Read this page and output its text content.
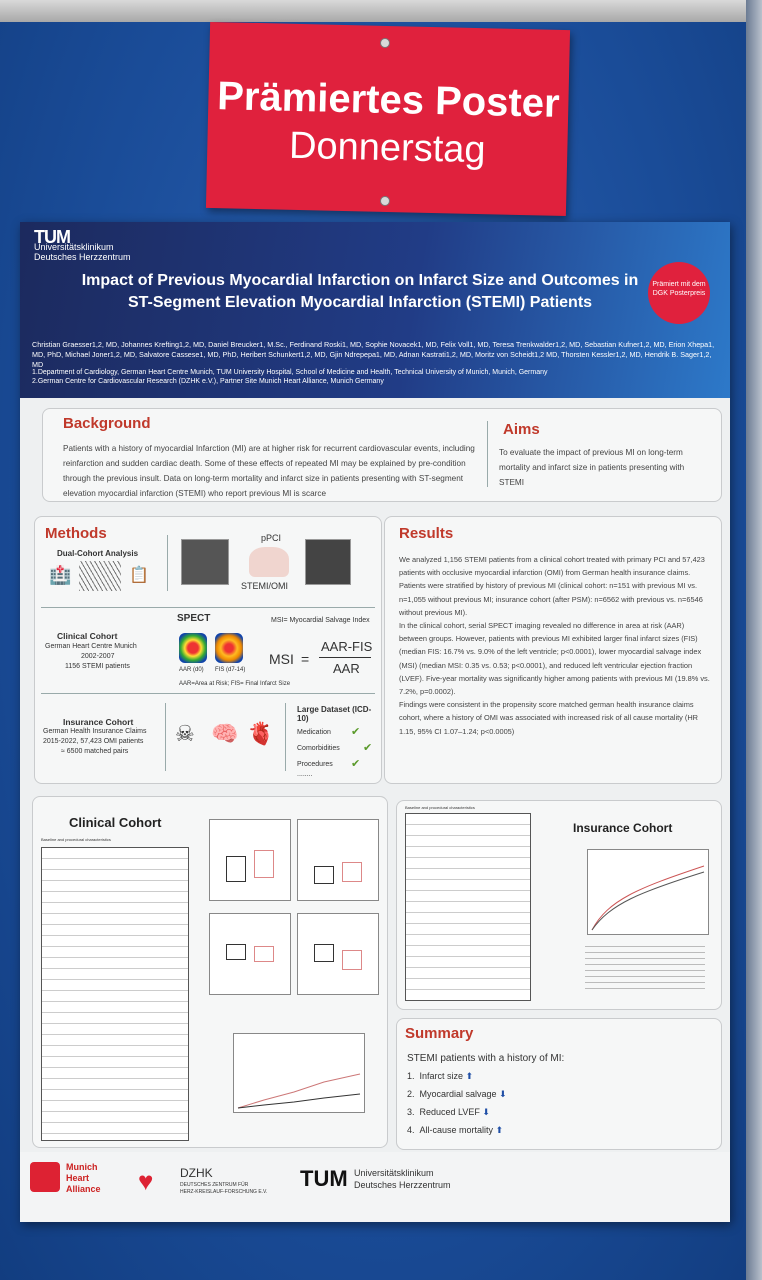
Prämiertes Poster
Donnerstag
TUM
Universitätsklinikum
Deutsches Herzzentrum
Impact of Previous Myocardial Infarction on Infarct Size and Outcomes in ST-Segment Elevation Myocardial Infarction (STEMI) Patients
Prämiert mit dem DGK Posterpreis
Christian Graesser1,2, MD, Johannes Krefting1,2, MD, Daniel Breucker1, M.Sc., Ferdinand Roski1, MD, Sophie Novacek1, MD, Felix Voll1, MD, Teresa Trenkwalder1,2, MD, Sebastian Kufner1,2, MD, Erion Xhepa1, MD, PhD, Michael Joner1,2, MD, Salvatore Cassese1, MD, PhD, Heribert Schunkert1,2, MD, Gjin Ndrepepa1, MD, Adnan Kastrati1,2, MD, Moritz von Scheidt1,2 MD, Thorsten Kessler1,2, MD, Hendrik B. Sager1,2, MD
1.Department of Cardiology, German Heart Centre Munich, TUM University Hospital, School of Medicine and Health, Technical University of Munich, Munich, Germany
2.German Centre for Cardiovascular Research (DZHK e.V.), Partner Site Munich Heart Alliance, Munich Germany
Background
Patients with a history of myocardial Infarction (MI) are at higher risk for recurrent cardiovascular events, including reinfarction and sudden cardiac death. Some of these effects of repeated MI may be explained by pre-condition through the previous insult. Data on long-term mortality and infarct size in patients presenting with ST-segment elevation myocardial infarction (STEMI) who report previous MI is scarce
Aims
To evaluate the impact of previous MI on long-term mortality and infarct size in patients presenting with STEMI
Methods
Dual-Cohort Analysis
🏥	📋
pPCI
STEMI/OMI
SPECT	MSI= Myocardial Salvage Index
Clinical Cohort
German Heart Centre Munich
2002-2007
1156 STEMI patients	AAR (d0) FIS (d7-14)
MSI =
AAR-FIS
AAR
AAR=Area at Risk; FIS= Final Infarct Size
Insurance Cohort
German Health Insurance Claims
2015-2022, 57,423 OMI patients
≈ 6500 matched pairs
☠ 🧠 🫀
Large Dataset (ICD-10)
Medication
Comorbidities
Procedures
✔
✔
✔
........
Results
We analyzed 1,156 STEMI patients from a clinical cohort treated with primary PCI and 57,423 patients with occlusive myocardial infarction (OMI) from German health insurance claims. Patients were stratified by history of previous MI (clinical cohort: n=151 with previous MI vs. n=1,055 without previous MI; insurance cohort (after PSM): n=6562 with previous vs. n=6546 without previous MI).
In the clinical cohort, serial SPECT imaging revealed no difference in area at risk (AAR) between groups. However, patients with previous MI exhibited larger final infarct sizes (FIS) (median FIS: 16.7% vs. 9.0% of the left ventricle; p<0.0001), lower myocardial salvage index (MSI) (median MSI: 0.35 vs. 0.53; p<0.0001), and reduced left ventricular ejection fraction (LVEF). Five-year mortality was significantly higher among patients with previous MI (19.8% vs. 7.2%, p=0.0002).
Findings were consistent in the propensity score matched german health insurance claims cohort, where a history of OMI was associated with increased risk of all cause mortality (HR 1.15, 95% CI 1.07–1.24; p<0.0005)
Clinical Cohort
Baseline and procedural characteristics
Baseline and procedural characteristics
Insurance Cohort
Summary
STEMI patients with a history of MI:
1. Infarct size ⬆
2. Myocardial salvage ⬇
3. Reduced LVEF ⬇
4. All-cause mortality ⬆
Munich
Heart
Alliance ♥ DZHK
DEUTSCHES ZENTRUM FÜR
HERZ-KREISLAUF-FORSCHUNG E.V.
TUM Universitätsklinikum
Deutsches Herzzentrum
